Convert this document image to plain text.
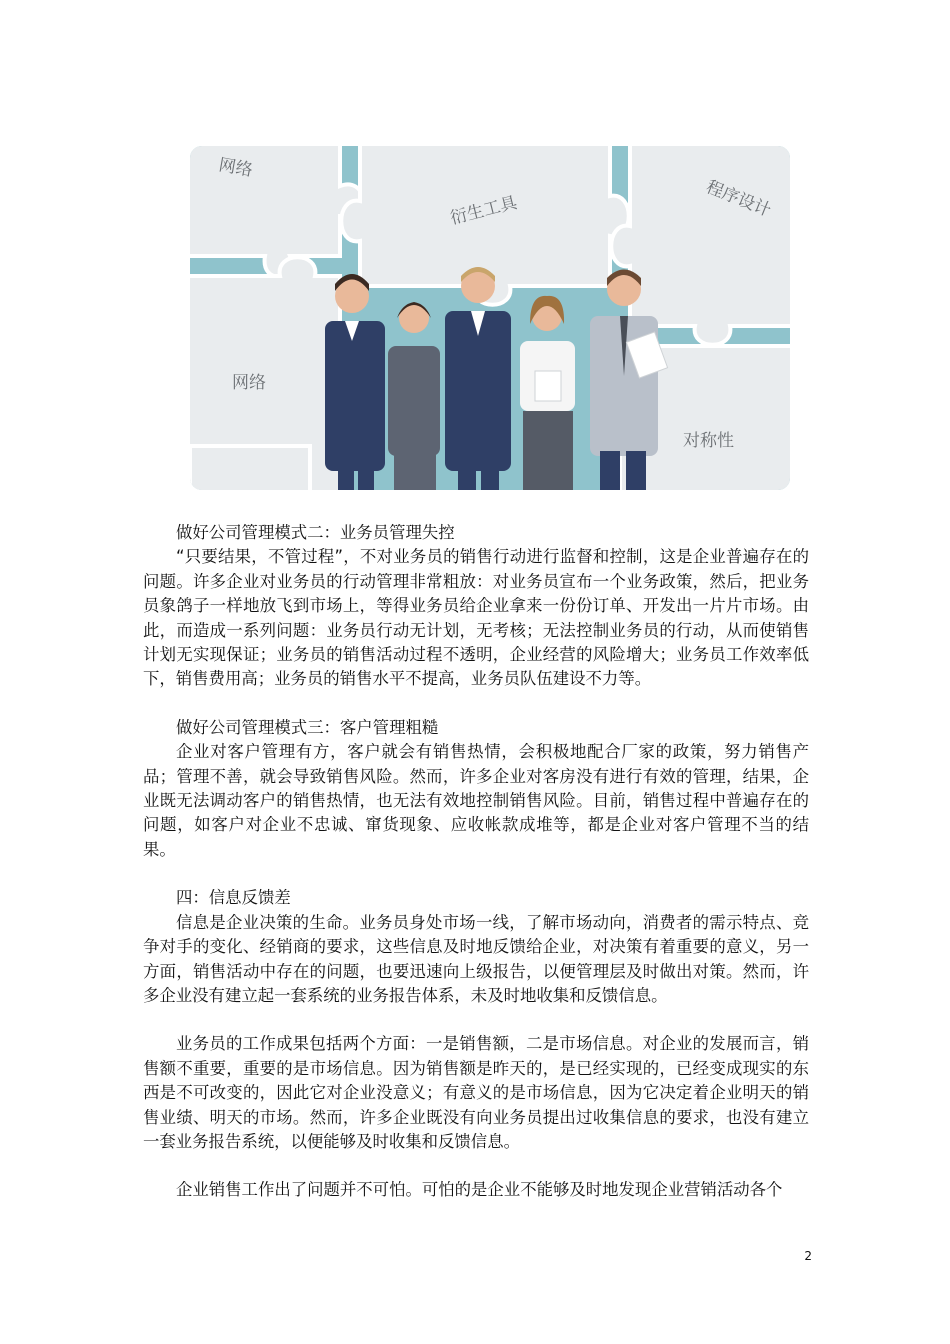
网络
衍生工具	程序设计
网络
对称性

做好公司管理模式二：业务员管理失控

“只要结果，不管过程”，不对业务员的销售行动进行监督和控制，这是企业普遍存在的问题。许多企业对业务员的行动管理非常粗放：对业务员宣布一个业务政策，然后，把业务员象鸽子一样地放飞到市场上，等得业务员给企业拿来一份份订单、开发出一片片市场。由此，而造成一系列问题：业务员行动无计划，无考核；无法控制业务员的行动，从而使销售计划无实现保证；业务员的销售活动过程不透明，企业经营的风险增大；业务员工作效率低下，销售费用高；业务员的销售水平不提高，业务员队伍建设不力等。

做好公司管理模式三：客户管理粗糙

企业对客户管理有方，客户就会有销售热情，会积极地配合厂家的政策，努力销售产品；管理不善，就会导致销售风险。然而，许多企业对客房没有进行有效的管理，结果，企业既无法调动客户的销售热情，也无法有效地控制销售风险。目前，销售过程中普遍存在的问题，如客户对企业不忠诚、窜货现象、应收帐款成堆等，都是企业对客户管理不当的结果。

四：信息反馈差

信息是企业决策的生命。业务员身处市场一线，了解市场动向，消费者的需示特点、竞争对手的变化、经销商的要求，这些信息及时地反馈给企业，对决策有着重要的意义，另一方面，销售活动中存在的问题，也要迅速向上级报告，以便管理层及时做出对策。然而，许多企业没有建立起一套系统的业务报告体系，未及时地收集和反馈信息。

业务员的工作成果包括两个方面：一是销售额，二是市场信息。对企业的发展而言，销售额不重要，重要的是市场信息。因为销售额是昨天的，是已经实现的，已经变成现实的东西是不可改变的，因此它对企业没意义；有意义的是市场信息，因为它决定着企业明天的销售业绩、明天的市场。然而，许多企业既没有向业务员提出过收集信息的要求，也没有建立一套业务报告系统，以便能够及时收集和反馈信息。

企业销售工作出了问题并不可怕。可怕的是企业不能够及时地发现企业营销活动各个

2
